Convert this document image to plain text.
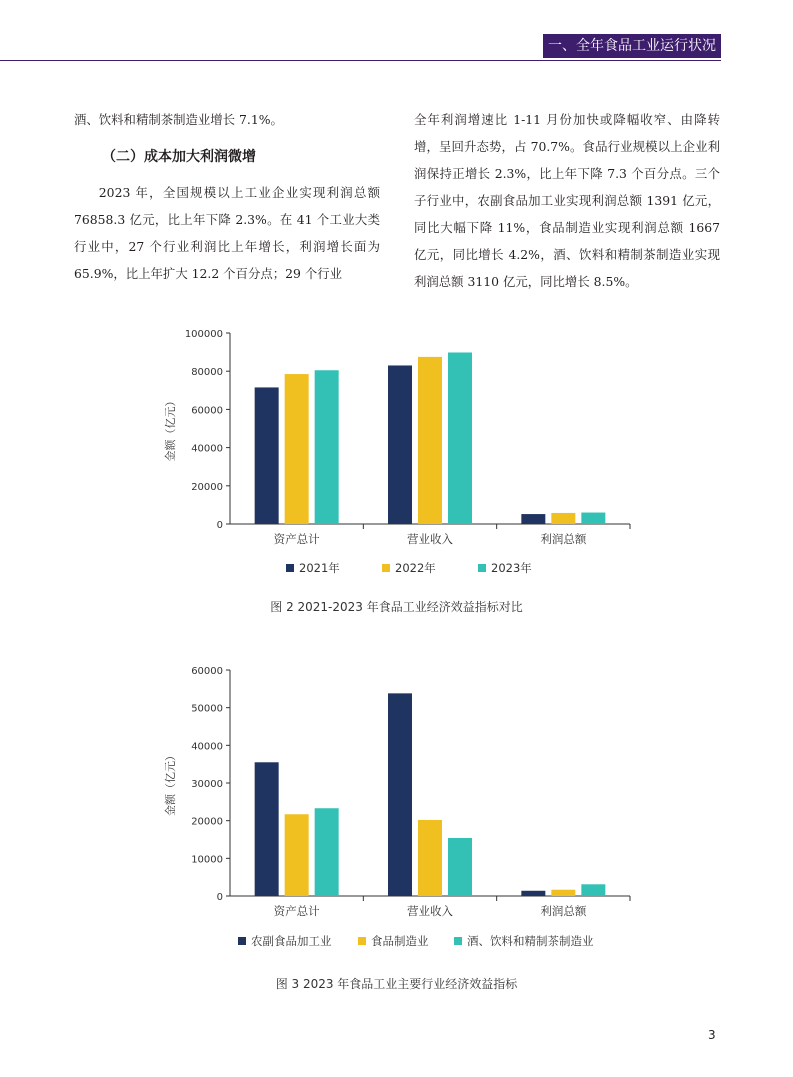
一、全年食品工业运行状况

酒、饮料和精制茶制造业增长 7.1%。

（二）成本加大利润微增

2023 年，全国规模以上工业企业实现利润总额 76858.3 亿元，比上年下降 2.3%。在 41 个工业大类行业中，27 个行业利润比上年增长，利润增长面为 65.9%，比上年扩大 12.2 个百分点；29 个行业

全年利润增速比 1-11 月份加快或降幅收窄、由降转增，呈回升态势，占 70.7%。食品行业规模以上企业利润保持正增长 2.3%，比上年下降 7.3 个百分点。三个子行业中，农副食品加工业实现利润总额 1391 亿元，同比大幅下降 11%，食品制造业实现利润总额 1667 亿元，同比增长 4.2%，酒、饮料和精制茶制造业实现利润总额 3110 亿元，同比增长 8.5%。

金额（亿元）
0
20000
40000
60000
80000
100000
资产总计	营业收入	利润总额
2021年	2022年	2023年
图 2 2021-2023 年食品工业经济效益指标对比
金额（亿元）
0
10000
20000
30000
40000
50000
60000
资产总计	营业收入	利润总额
农副食品加工业	食品制造业	酒、饮料和精制茶制造业
图 3 2023 年食品工业主要行业经济效益指标
3
